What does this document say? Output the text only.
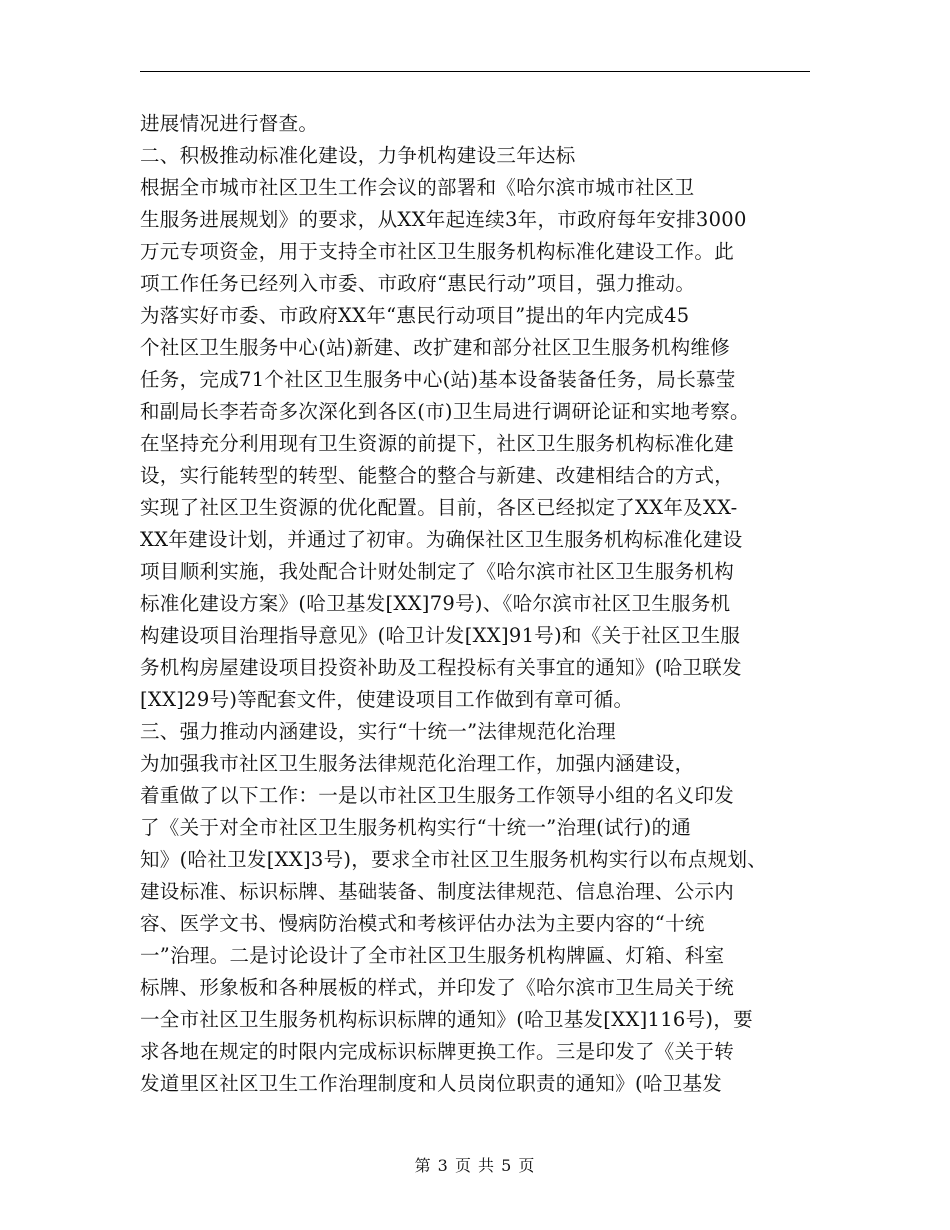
进展情况进行督查。
二、积极推动标准化建设，力争机构建设三年达标
根据全市城市社区卫生工作会议的部署和《哈尔滨市城市社区卫
生服务进展规划》的要求，从XX年起连续3年，市政府每年安排3000
万元专项资金，用于支持全市社区卫生服务机构标准化建设工作。此
项工作任务已经列入市委、市政府“惠民行动”项目，强力推动。
为落实好市委、市政府XX年“惠民行动项目”提出的年内完成45
个社区卫生服务中心(站)新建、改扩建和部分社区卫生服务机构维修
任务，完成71个社区卫生服务中心(站)基本设备装备任务，局长慕莹
和副局长李若奇多次深化到各区(市)卫生局进行调研论证和实地考察。
在坚持充分利用现有卫生资源的前提下，社区卫生服务机构标准化建
设，实行能转型的转型、能整合的整合与新建、改建相结合的方式，
实现了社区卫生资源的优化配置。目前，各区已经拟定了XX年及XX-
XX年建设计划，并通过了初审。为确保社区卫生服务机构标准化建设
项目顺利实施，我处配合计财处制定了《哈尔滨市社区卫生服务机构
标准化建设方案》(哈卫基发[XX]79号)、《哈尔滨市社区卫生服务机
构建设项目治理指导意见》(哈卫计发[XX]91号)和《关于社区卫生服
务机构房屋建设项目投资补助及工程投标有关事宜的通知》(哈卫联发
[XX]29号)等配套文件，使建设项目工作做到有章可循。
三、强力推动内涵建设，实行“十统一”法律规范化治理
为加强我市社区卫生服务法律规范化治理工作，加强内涵建设，
着重做了以下工作：一是以市社区卫生服务工作领导小组的名义印发
了《关于对全市社区卫生服务机构实行“十统一”治理(试行)的通
知》(哈社卫发[XX]3号)，要求全市社区卫生服务机构实行以布点规划、
建设标准、标识标牌、基础装备、制度法律规范、信息治理、公示内
容、医学文书、慢病防治模式和考核评估办法为主要内容的“十统
一”治理。二是讨论设计了全市社区卫生服务机构牌匾、灯箱、科室
标牌、形象板和各种展板的样式，并印发了《哈尔滨市卫生局关于统
一全市社区卫生服务机构标识标牌的通知》(哈卫基发[XX]116号)，要
求各地在规定的时限内完成标识标牌更换工作。三是印发了《关于转
发道里区社区卫生工作治理制度和人员岗位职责的通知》(哈卫基发
第 3 页 共 5 页
